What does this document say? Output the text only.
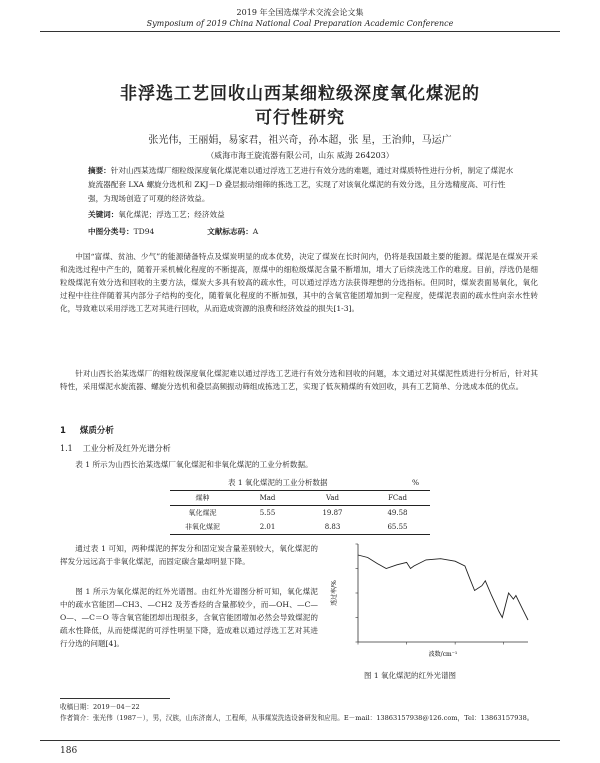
2019 年全国选煤学术交流会论文集
Symposium of 2019 China National Coal Preparation Academic Conference
非浮选工艺回收山西某细粒级深度氧化煤泥的
可行性研究
张光伟，王丽娟，易家君，祖兴奇，孙本超，张 星，王治帅，马运广
（威海市海王旋流器有限公司，山东 威海 264203）
摘要：针对山西某选煤厂细粒级深度氧化煤泥难以通过浮选工艺进行有效分选的难题，通过对煤质特性进行分析，制定了煤泥水旋流器配套 LXA 螺旋分选机和 ZKJ－D 叠层振动细筛的拣选工艺，实现了对该氧化煤泥的有效分选，且分选精度高、可行性强，为现场创造了可观的经济效益。
关键词：氧化煤泥；浮选工艺；经济效益
中图分类号：TD94	文献标志码：A
中国“富煤、贫油、少气”的能源储备特点及煤炭明显的成本优势，决定了煤炭在长时间内，仍将是我国最主要的能源。煤泥是在煤炭开采和洗选过程中产生的，随着开采机械化程度的不断提高，原煤中的细粒级煤泥含量不断增加，增大了后续洗选工作的难度。目前，浮选仍是细粒级煤泥有效分选和回收的主要方法，煤炭大多具有较高的疏水性，可以通过浮选方法获得理想的分选指标。但同时，煤炭表面易氧化，氧化过程中往往伴随着其内部分子结构的变化，随着氧化程度的不断加强，其中的含氧官能团增加到一定程度，使煤泥表面的疏水性向亲水性转化，导致难以采用浮选工艺对其进行回收，从而造成资源的浪费和经济效益的损失[1-3]。
针对山西长治某选煤厂的细粒级深度氧化煤泥难以通过浮选工艺进行有效分选和回收的问题，本文通过对其煤泥性质进行分析后，针对其特性，采用煤泥水旋流器、螺旋分选机和叠层高频振动筛组成拣选工艺，实现了低灰精煤的有效回收，具有工艺简单、分选成本低的优点。
1 煤质分析
1.1 工业分析及红外光谱分析
表 1 所示为山西长治某选煤厂氧化煤泥和非氧化煤泥的工业分析数据。
表 1 氧化煤泥的工业分析数据	%
煤种	Mad	Vad	FCad
氧化煤泥	5.55	19.87	49.58
非氧化煤泥	2.01	8.83	65.55
通过表 1 可知，两种煤泥的挥发分和固定炭含量差别较大，氧化煤泥的挥发分远远高于非氧化煤泥，而固定碳含量却明显下降。
图 1 所示为氧化煤泥的红外光谱图。由红外光谱图分析可知，氧化煤泥中的疏水官能团—CH3、—CH2 及芳香烃的含量都较少，而—OH、—C—O—、—C＝O 等含氧官能团却出现很多，含氧官能团增加必然会导致煤泥的疏水性降低，从而使煤泥的可浮性明显下降，造成难以通过浮选工艺对其进行分选的问题[4]。
透过率/%
波数/cm⁻¹
图 1 氧化煤泥的红外光谱图
收稿日期：2019－04－22
作者简介：张光伟（1987－），男，汉族，山东济南人，工程师，从事煤炭洗选设备研发和应用。E－mail：13863157938@126.com，Tel：13863157938。
186
